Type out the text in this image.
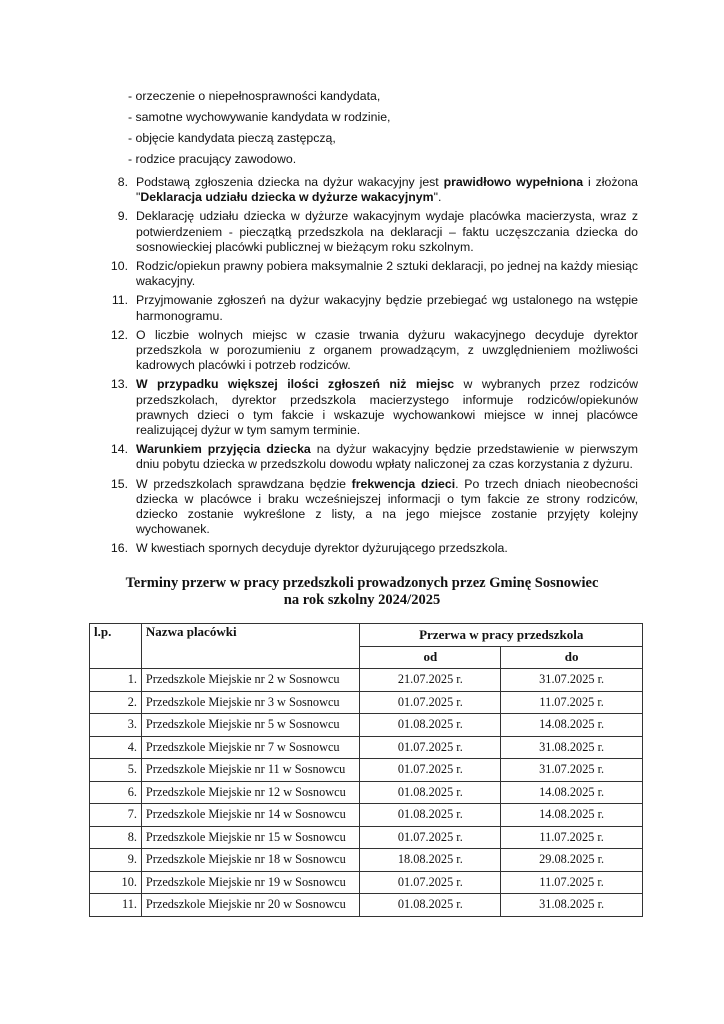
- orzeczenie o niepełnosprawności kandydata,
- samotne wychowywanie kandydata w rodzinie,
- objęcie kandydata pieczą zastępczą,
- rodzice pracujący zawodowo.
8. Podstawą zgłoszenia dziecka na dyżur wakacyjny jest prawidłowo wypełniona i złożona "Deklaracja udziału dziecka w dyżurze wakacyjnym".
9. Deklarację udziału dziecka w dyżurze wakacyjnym wydaje placówka macierzysta, wraz z potwierdzeniem - pieczątką przedszkola na deklaracji – faktu uczęszczania dziecka do sosnowieckiej placówki publicznej w bieżącym roku szkolnym.
10. Rodzic/opiekun prawny pobiera maksymalnie 2 sztuki deklaracji, po jednej na każdy miesiąc wakacyjny.
11. Przyjmowanie zgłoszeń na dyżur wakacyjny będzie przebiegać wg ustalonego na wstępie harmonogramu.
12. O liczbie wolnych miejsc w czasie trwania dyżuru wakacyjnego decyduje dyrektor przedszkola w porozumieniu z organem prowadzącym, z uwzględnieniem możliwości kadrowych placówki i potrzeb rodziców.
13. W przypadku większej ilości zgłoszeń niż miejsc w wybranych przez rodziców przedszkolach, dyrektor przedszkola macierzystego informuje rodziców/opiekunów prawnych dzieci o tym fakcie i wskazuje wychowankowi miejsce w innej placówce realizującej dyżur w tym samym terminie.
14. Warunkiem przyjęcia dziecka na dyżur wakacyjny będzie przedstawienie w pierwszym dniu pobytu dziecka w przedszkolu dowodu wpłaty naliczonej za czas korzystania z dyżuru.
15. W przedszkolach sprawdzana będzie frekwencja dzieci. Po trzech dniach nieobecności dziecka w placówce i braku wcześniejszej informacji o tym fakcie ze strony rodziców, dziecko zostanie wykreślone z listy, a na jego miejsce zostanie przyjęty kolejny wychowanek.
16. W kwestiach spornych decyduje dyrektor dyżurującego przedszkola.
Terminy przerw w pracy przedszkoli prowadzonych przez Gminę Sosnowiec
na rok szkolny 2024/2025
l.p.	Nazwa placówki	Przerwa w pracy przedszkola	
		od	do
1.	Przedszkole Miejskie nr 2 w Sosnowcu	21.07.2025 r.	31.07.2025 r.
2.	Przedszkole Miejskie nr 3 w Sosnowcu	01.07.2025 r.	11.07.2025 r.
3.	Przedszkole Miejskie nr 5 w Sosnowcu	01.08.2025 r.	14.08.2025 r.
4.	Przedszkole Miejskie nr 7 w Sosnowcu	01.07.2025 r.	31.08.2025 r.
5.	Przedszkole Miejskie nr 11 w Sosnowcu	01.07.2025 r.	31.07.2025 r.
6.	Przedszkole Miejskie nr 12 w Sosnowcu	01.08.2025 r.	14.08.2025 r.
7.	Przedszkole Miejskie nr 14 w Sosnowcu	01.08.2025 r.	14.08.2025 r.
8.	Przedszkole Miejskie nr 15 w Sosnowcu	01.07.2025 r.	11.07.2025 r.
9.	Przedszkole Miejskie nr 18 w Sosnowcu	18.08.2025 r.	29.08.2025 r.
10.	Przedszkole Miejskie nr 19 w Sosnowcu	01.07.2025 r.	11.07.2025 r.
11.	Przedszkole Miejskie nr 20 w Sosnowcu	01.08.2025 r.	31.08.2025 r.
